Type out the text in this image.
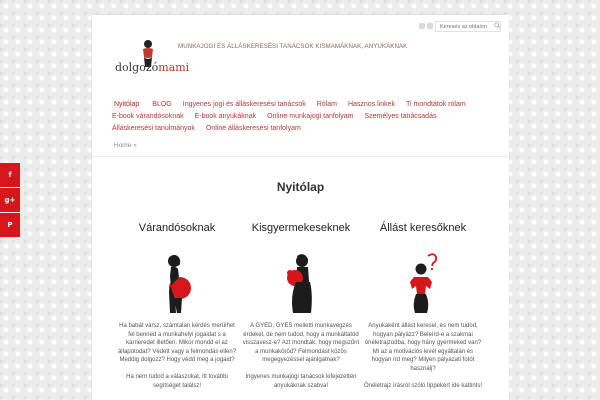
dolgozómami
MUNKAJOGI ÉS ÁLLÁSKERESÉSI TANÁCSOK KISMAMÁKNAK, ANYUKÁKNAK
Keresés az oldalon
Nyitólap BLOG Ingyenes jogi és álláskeresési tanácsok Rólam Hasznos linkek Ti mondtátok rólam
E-book várandósoknak E-book anyukáknak Online munkajogi tanfolyam Személyes tanácsadás
Álláskeresési tanulmányok Online álláskeresési tanfolyam
Home »
Nyitólap
Várandósoknak

Ha babát vársz, számtalan kérdés merülhet fel benned a munkahelyi jogaidat s a karrieredet illetően. Mikor mondd el az állapotodat? Védett vagy a felmondás ellen? Meddig dolgozz? Hogy védd meg a jogaid?

Ha nem tudod a válaszokat, itt további segítséget találsz!

Kisgyermekeseknek

A GYED, GYES melletti munkavégzés érdekel, de nem tudod, hogy a munkáltatód visszavesz-e? Azt mondták, hogy megszűnt a munkaköröd? Felmondást közös megegyezéssel ajánlgatnak?

Ingyenes munkajogi tanácsok kifejezetten anyukáknak szabva!

Állást keresőknek

Anyukaként állást keresel, és nem tudod, hogyan pályázz? Beleírd-e a szakmai önéletrajzodba, hogy hány gyermeked van? Mi az a motivációs levél egyáltalán és hogyan írd meg? Milyen pályázati fotót használj?

Önéletrajz írásról szóló tippekért ide kattints!

f
g+
P
